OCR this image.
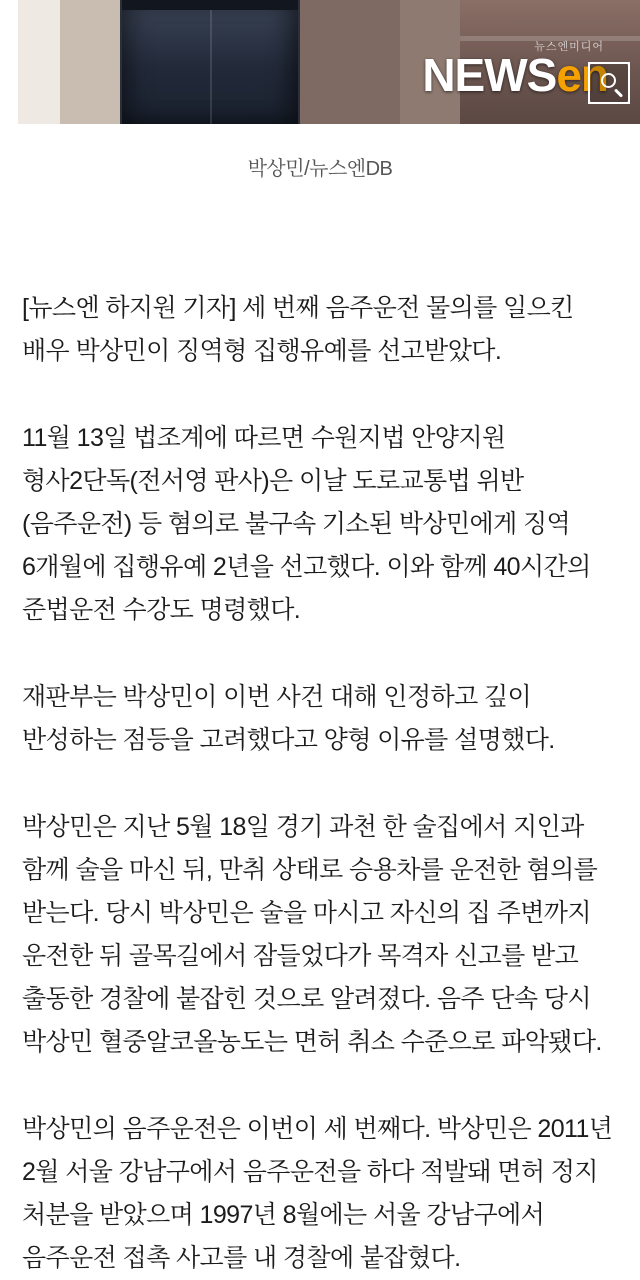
뉴스엔미디어
NEWSen
박상민/뉴스엔DB

[뉴스엔 하지원 기자] 세 번째 음주운전 물의를 일으킨 배우 박상민이 징역형 집행유예를 선고받았다.

11월 13일 법조계에 따르면 수원지법 안양지원 형사2단독(전서영 판사)은 이날 도로교통법 위반(음주운전) 등 혐의로 불구속 기소된 박상민에게 징역 6개월에 집행유예 2년을 선고했다. 이와 함께 40시간의 준법운전 수강도 명령했다.

재판부는 박상민이 이번 사건 대해 인정하고 깊이 반성하는 점등을 고려했다고 양형 이유를 설명했다.

박상민은 지난 5월 18일 경기 과천 한 술집에서 지인과 함께 술을 마신 뒤, 만취 상태로 승용차를 운전한 혐의를 받는다. 당시 박상민은 술을 마시고 자신의 집 주변까지 운전한 뒤 골목길에서 잠들었다가 목격자 신고를 받고 출동한 경찰에 붙잡힌 것으로 알려졌다. 음주 단속 당시 박상민 혈중알코올농도는 면허 취소 수준으로 파악됐다.

박상민의 음주운전은 이번이 세 번째다. 박상민은 2011년 2월 서울 강남구에서 음주운전을 하다 적발돼 면허 정지 처분을 받았으며 1997년 8월에는 서울 강남구에서 음주운전 접촉 사고를 내 경찰에 붙잡혔다.
